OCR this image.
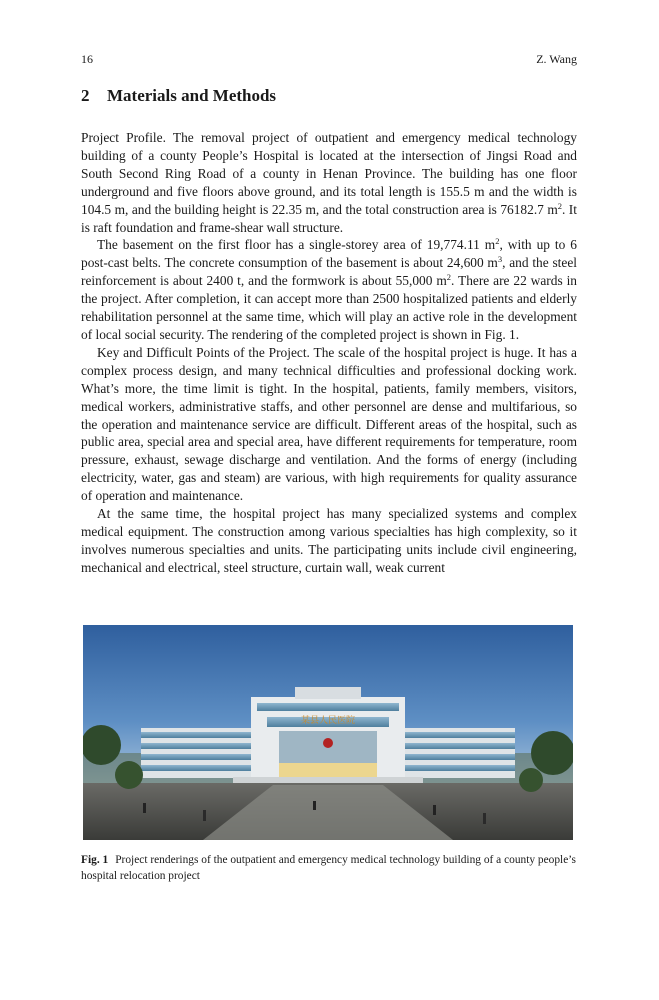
16	Z. Wang
2 Materials and Methods

Project Profile. The removal project of outpatient and emergency medical technology building of a county People’s Hospital is located at the intersection of Jingsi Road and South Second Ring Road of a county in Henan Province. The building has one floor underground and five floors above ground, and its total length is 155.5 m and the width is 104.5 m, and the building height is 22.35 m, and the total construction area is 76182.7 $m^2$. It is raft foundation and frame-shear wall structure.

The basement on the first floor has a single-storey area of 19,774.11 $m^2$, with up to 6 post-cast belts. The concrete consumption of the basement is about 24,600 $m^3$, and the steel reinforcement is about 2400 t, and the formwork is about 55,000 $m^2$. There are 22 wards in the project. After completion, it can accept more than 2500 hospitalized patients and elderly rehabilitation personnel at the same time, which will play an active role in the development of local social security. The rendering of the completed project is shown in Fig. 1.

Key and Difficult Points of the Project. The scale of the hospital project is huge. It has a complex process design, and many technical difficulties and professional docking work. What’s more, the time limit is tight. In the hospital, patients, family members, visitors, medical workers, administrative staffs, and other personnel are dense and multifarious, so the operation and maintenance service are difficult. Different areas of the hospital, such as public area, special area and special area, have different requirements for temperature, room pressure, exhaust, sewage discharge and ventilation. And the forms of energy (including electricity, water, gas and steam) are various, with high requirements for quality assurance of operation and maintenance.

At the same time, the hospital project has many specialized systems and complex medical equipment. The construction among various specialties has high complexity, so it involves numerous specialties and units. The participating units include civil engineering, mechanical and electrical, steel structure, curtain wall, weak current

某县人民医院
Fig. 1 Project renderings of the outpatient and emergency medical technology building of a county people’s hospital relocation project
